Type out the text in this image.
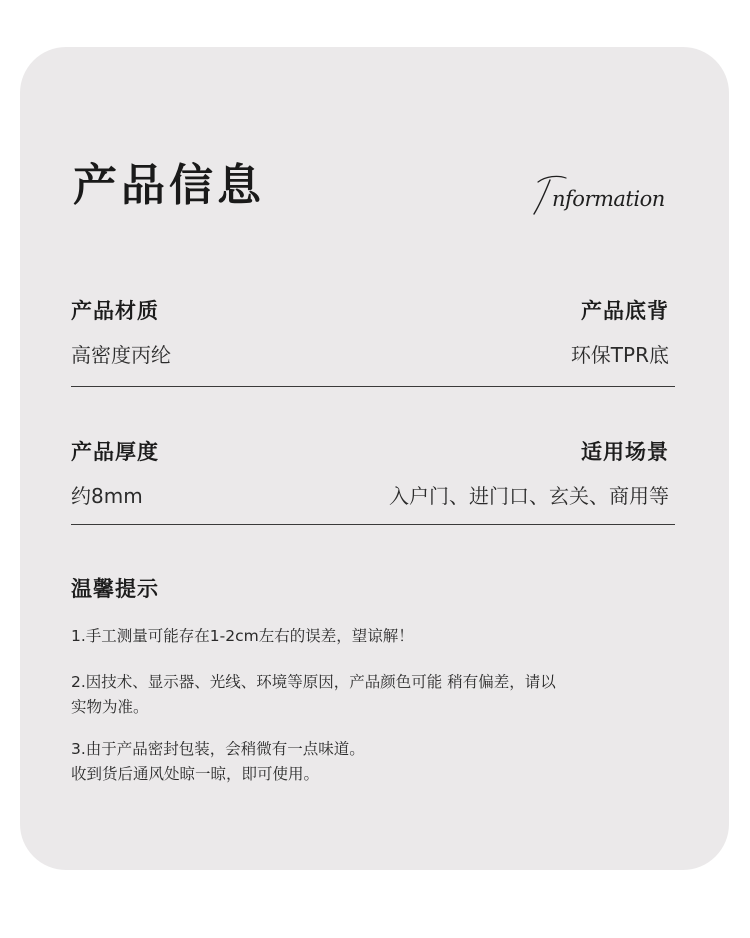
产品信息	nformation
产品材质	产品底背
高密度丙纶	环保TPR底
产品厚度	适用场景
约8mm	入户门、进门口、玄关、商用等
温馨提示
1.手工测量可能存在1-2cm左右的误差，望谅解！
2.因技术、显示器、光线、环境等原因，产品颜色可能 稍有偏差，请以
实物为准。
3.由于产品密封包装，会稍微有一点味道。
收到货后通风处晾一晾，即可使用。
